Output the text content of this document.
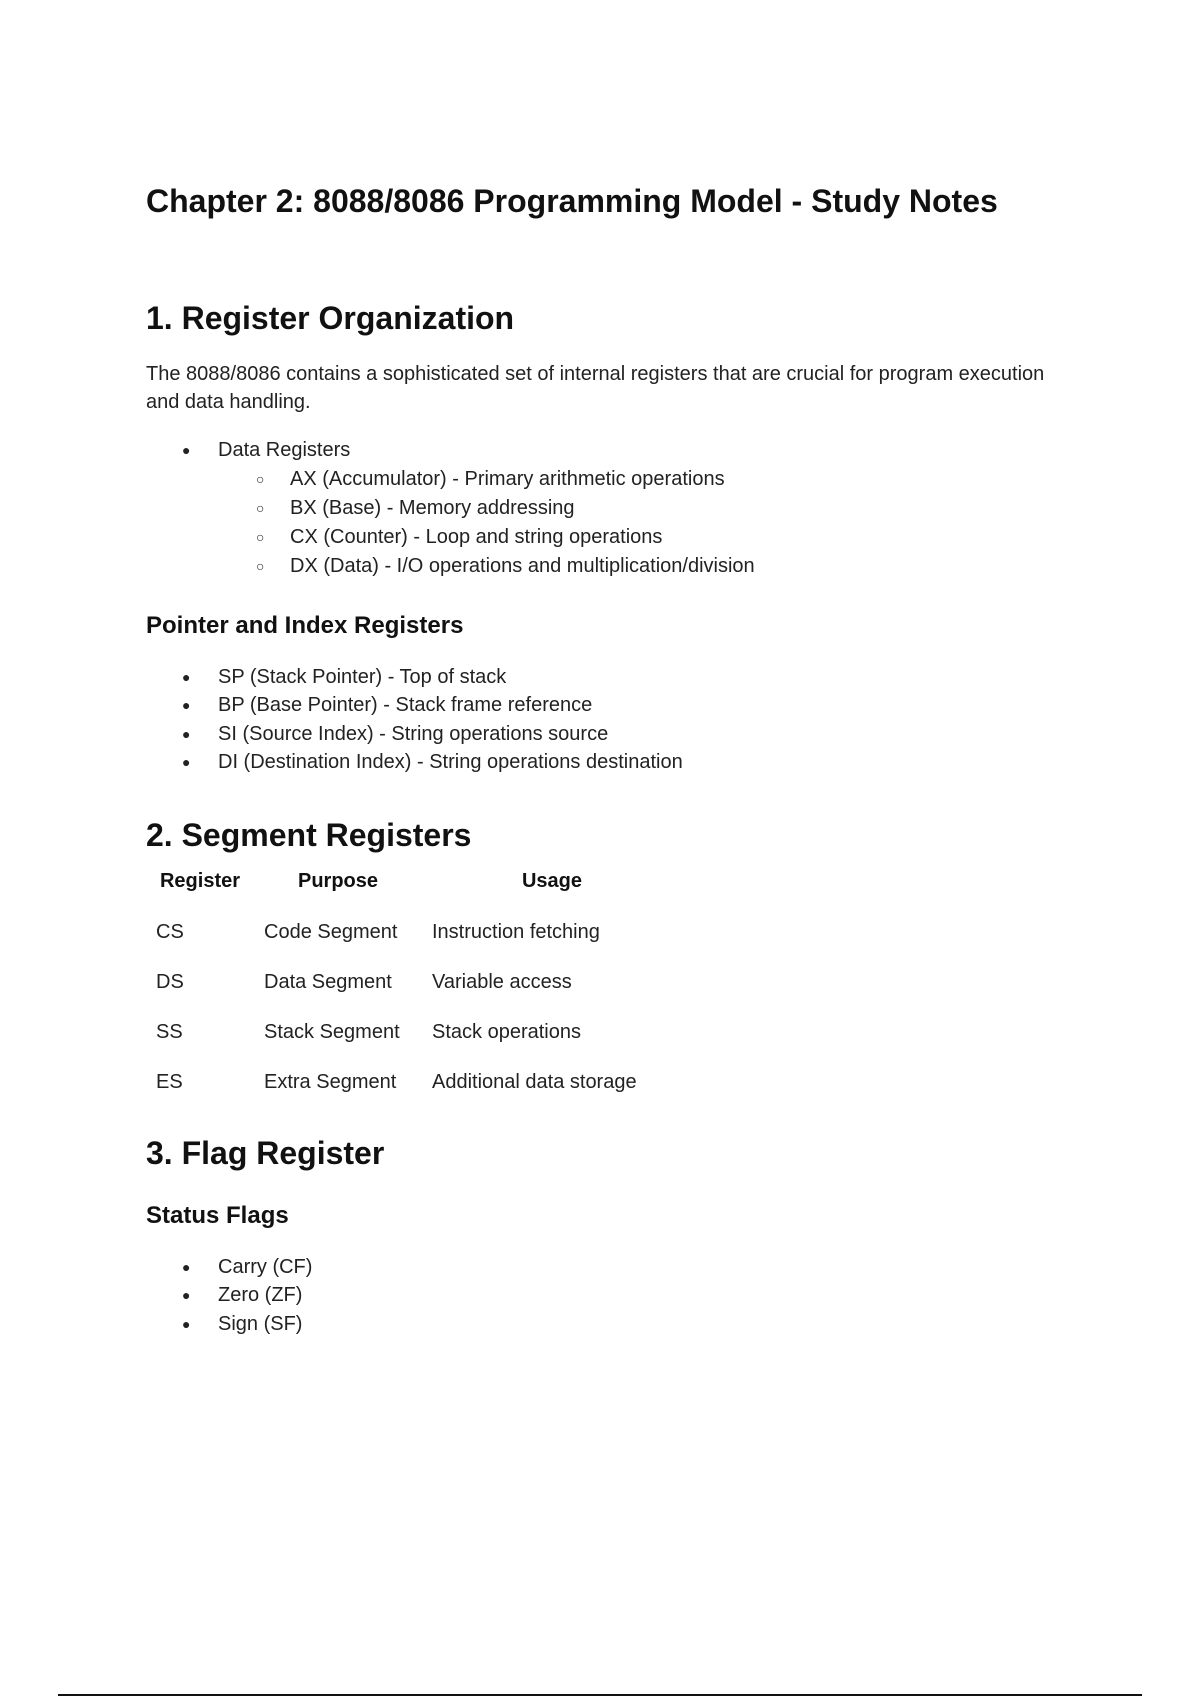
Chapter 2: 8088/8086 Programming Model - Study Notes
1. Register Organization

The 8088/8086 contains a sophisticated set of internal registers that are crucial for program execution and data handling.

● Data Registers
○ AX (Accumulator) - Primary arithmetic operations
○ BX (Base) - Memory addressing
○ CX (Counter) - Loop and string operations
○ DX (Data) - I/O operations and multiplication/division
Pointer and Index Registers
● SP (Stack Pointer) - Top of stack
● BP (Base Pointer) - Stack frame reference
● SI (Source Index) - String operations source
● DI (Destination Index) - String operations destination
2. Segment Registers
Register	Purpose	Usage
CS	Code Segment	Instruction fetching
DS	Data Segment	Variable access
SS	Stack Segment	Stack operations
ES	Extra Segment	Additional data storage
3. Flag Register
Status Flags
● Carry (CF)
● Zero (ZF)
● Sign (SF)
